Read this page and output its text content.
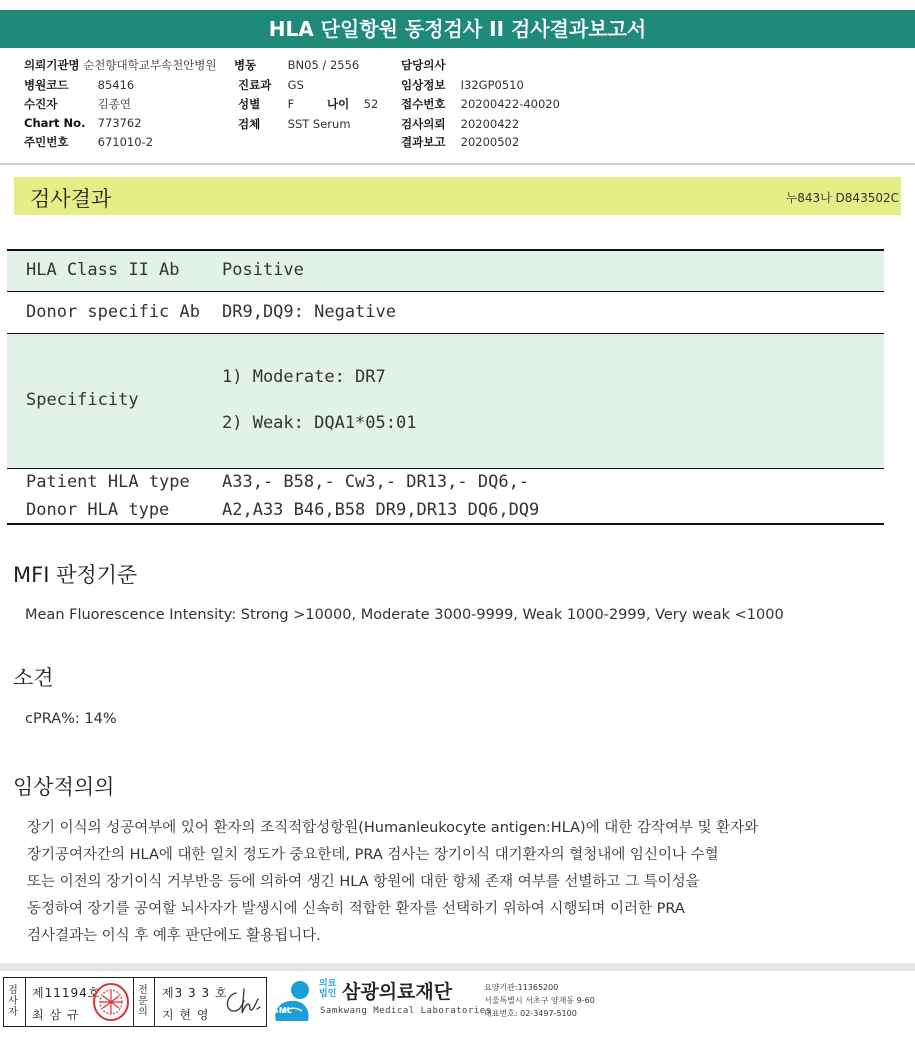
HLA 단일항원 동정검사 II 검사결과보고서
의뢰기관명 순천향대학교부속천안병원
병원코드	85416
수진자	김종연
Chart No. 773762
주민번호	671010-2
병동	BN05 / 2556
진료과 GS
성별 F	나이 52
검체 SST Serum
담당의사
임상정보 I32GP0510
접수번호 20200422-40020
검사의뢰 20200422
결과보고 20200502
검사결과	누843나 D843502C
HLA Class II Ab Positive
Donor specific Ab DR9,DQ9: Negative
Specificity
1) Moderate: DR7
2) Weak: DQA1*05:01
Patient HLA type A33,- B58,- Cw3,- DR13,- DQ6,-
Donor HLA type	A2,A33 B46,B58 DR9,DR13 DQ6,DQ9
MFI 판정기준
Mean Fluorescence Intensity: Strong >10000, Moderate 3000-9999, Weak 1000-2999, Very weak <1000
소견
cPRA%: 14%
임상적의의
장기 이식의 성공여부에 있어 환자의 조직적합성항원(Humanleukocyte antigen:HLA)에 대한 감작여부 및 환자와
장기공여자간의 HLA에 대한 일치 정도가 중요한데, PRA 검사는 장기이식 대기환자의 혈청내에 임신이나 수혈
또는 이전의 장기이식 거부반응 등에 의하여 생긴 HLA 항원에 대한 항체 존재 여부를 선별하고 그 특이성을
동정하여 장기를 공여할 뇌사자가 발생시에 신속히 적합한 환자를 선택하기 위하여 시행되며 이러한 PRA
검사결과는 이식 후 예후 판단에도 활용됩니다.
검
사
자
제11194호
최 삼 규
전
문
의
제3 3 3 호
지 현 영	SML
의료
법인 삼광의료재단
Samkwang Medical Laboratories
요양기관:11365200
서울특별시 서초구 양재동 9-60
대표번호: 02-3497-5100
